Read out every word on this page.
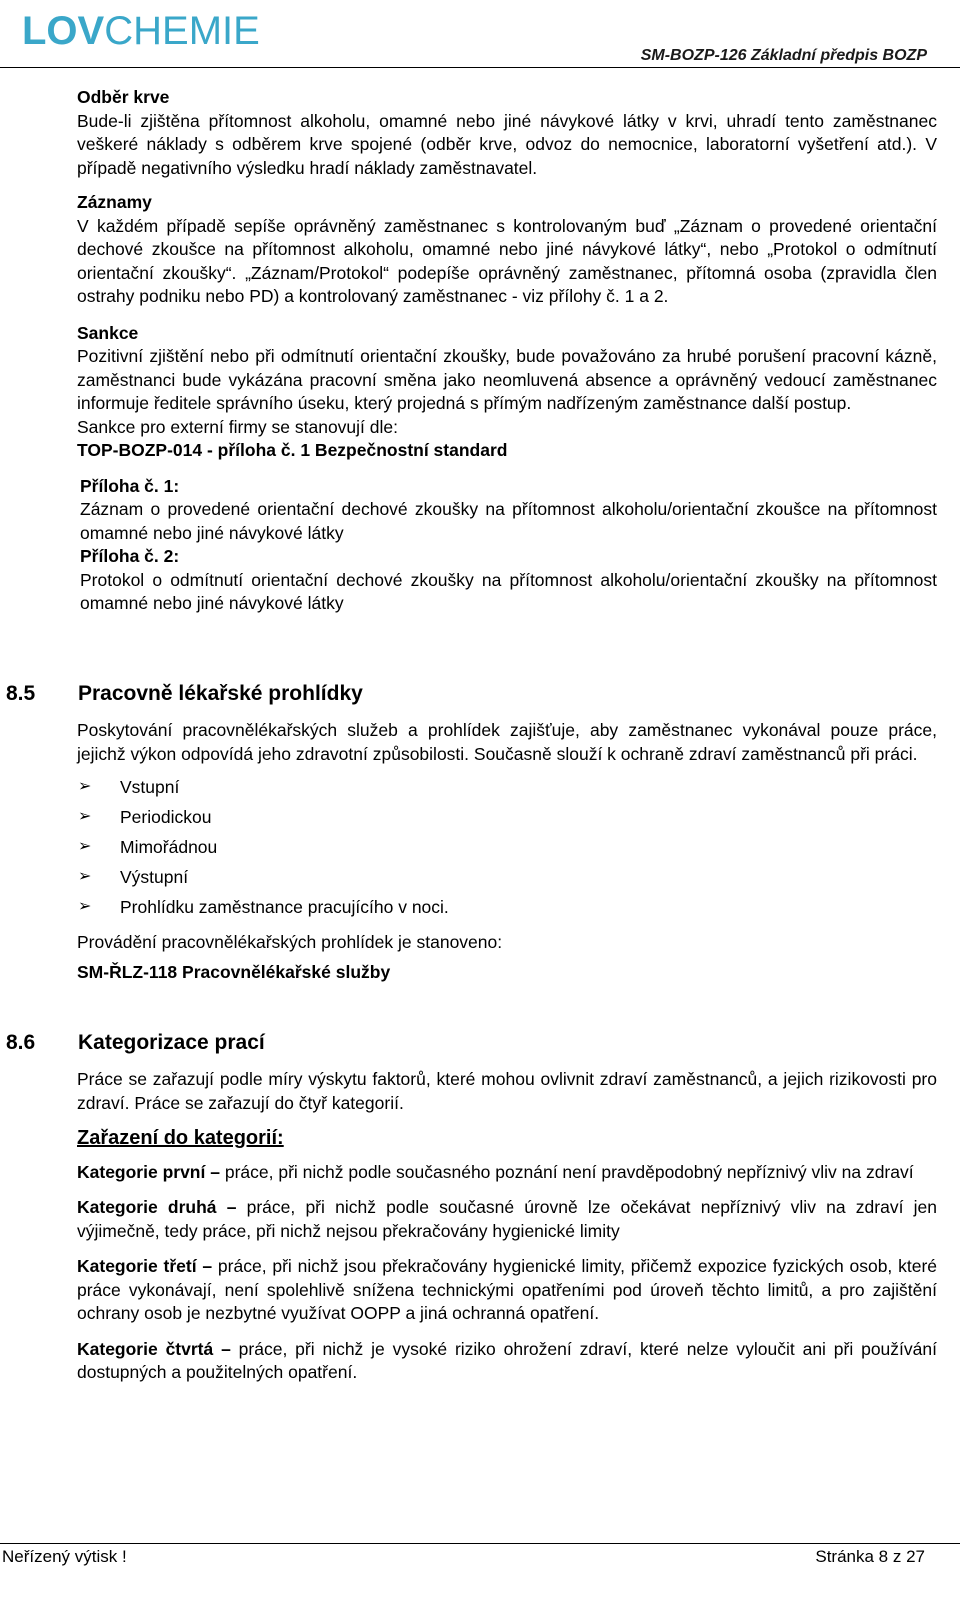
LOVCHEMIE
SM-BOZP-126 Základní předpis BOZP

Odběr krve

Bude-li zjištěna přítomnost alkoholu, omamné nebo jiné návykové látky v krvi, uhradí tento zaměstnanec veškeré náklady s odběrem krve spojené (odběr krve, odvoz do nemocnice, laboratorní vyšetření atd.). V případě negativního výsledku hradí náklady zaměstnavatel.

Záznamy

V každém případě sepíše oprávněný zaměstnanec s kontrolovaným buď „Záznam o provedené orientační dechové zkoušce na přítomnost alkoholu, omamné nebo jiné návykové látky“, nebo „Protokol o odmítnutí orientační zkoušky“. „Záznam/Protokol“ podepíše oprávněný zaměstnanec, přítomná osoba (zpravidla člen ostrahy podniku nebo PD) a kontrolovaný zaměstnanec - viz přílohy č. 1 a 2.

Sankce

Pozitivní zjištění nebo při odmítnutí orientační zkoušky, bude považováno za hrubé porušení pracovní kázně, zaměstnanci bude vykázána pracovní směna jako neomluvená absence a oprávněný vedoucí zaměstnanec informuje ředitele správního úseku, který projedná s přímým nadřízeným zaměstnance další postup.

Sankce pro externí firmy se stanovují dle:

TOP-BOZP-014 - příloha č. 1 Bezpečnostní standard

Příloha č. 1:

Záznam o provedené orientační dechové zkoušky na přítomnost alkoholu/orientační zkoušce na přítomnost omamné nebo jiné návykové látky

Příloha č. 2:

Protokol o odmítnutí orientační dechové zkoušky na přítomnost alkoholu/orientační zkoušky na přítomnost omamné nebo jiné návykové látky

8.5 Pracovně lékařské prohlídky

Poskytování pracovnělékařských služeb a prohlídek zajišťuje, aby zaměstnanec vykonával pouze práce, jejichž výkon odpovídá jeho zdravotní způsobilosti. Současně slouží k ochraně zdraví zaměstnanců při práci.

➢ Vstupní
➢ Periodickou
➢ Mimořádnou
➢ Výstupní
➢ Prohlídku zaměstnance pracujícího v noci.

Provádění pracovnělékařských prohlídek je stanoveno:

SM-ŘLZ-118 Pracovnělékařské služby

8.6 Kategorizace prací

Práce se zařazují podle míry výskytu faktorů, které mohou ovlivnit zdraví zaměstnanců, a jejich rizikovosti pro zdraví. Práce se zařazují do čtyř kategorií.

Zařazení do kategorií:

Kategorie první – práce, při nichž podle současného poznání není pravděpodobný nepříznivý vliv na zdraví

Kategorie druhá – práce, při nichž podle současné úrovně lze očekávat nepříznivý vliv na zdraví jen výjimečně, tedy práce, při nichž nejsou překračovány hygienické limity

Kategorie třetí – práce, při nichž jsou překračovány hygienické limity, přičemž expozice fyzických osob, které práce vykonávají, není spolehlivě snížena technickými opatřeními pod úroveň těchto limitů, a pro zajištění ochrany osob je nezbytné využívat OOPP a jiná ochranná opatření.

Kategorie čtvrtá – práce, při nichž je vysoké riziko ohrožení zdraví, které nelze vyloučit ani při používání dostupných a použitelných opatření.

Neřízený výtisk !	Stránka 8 z 27
